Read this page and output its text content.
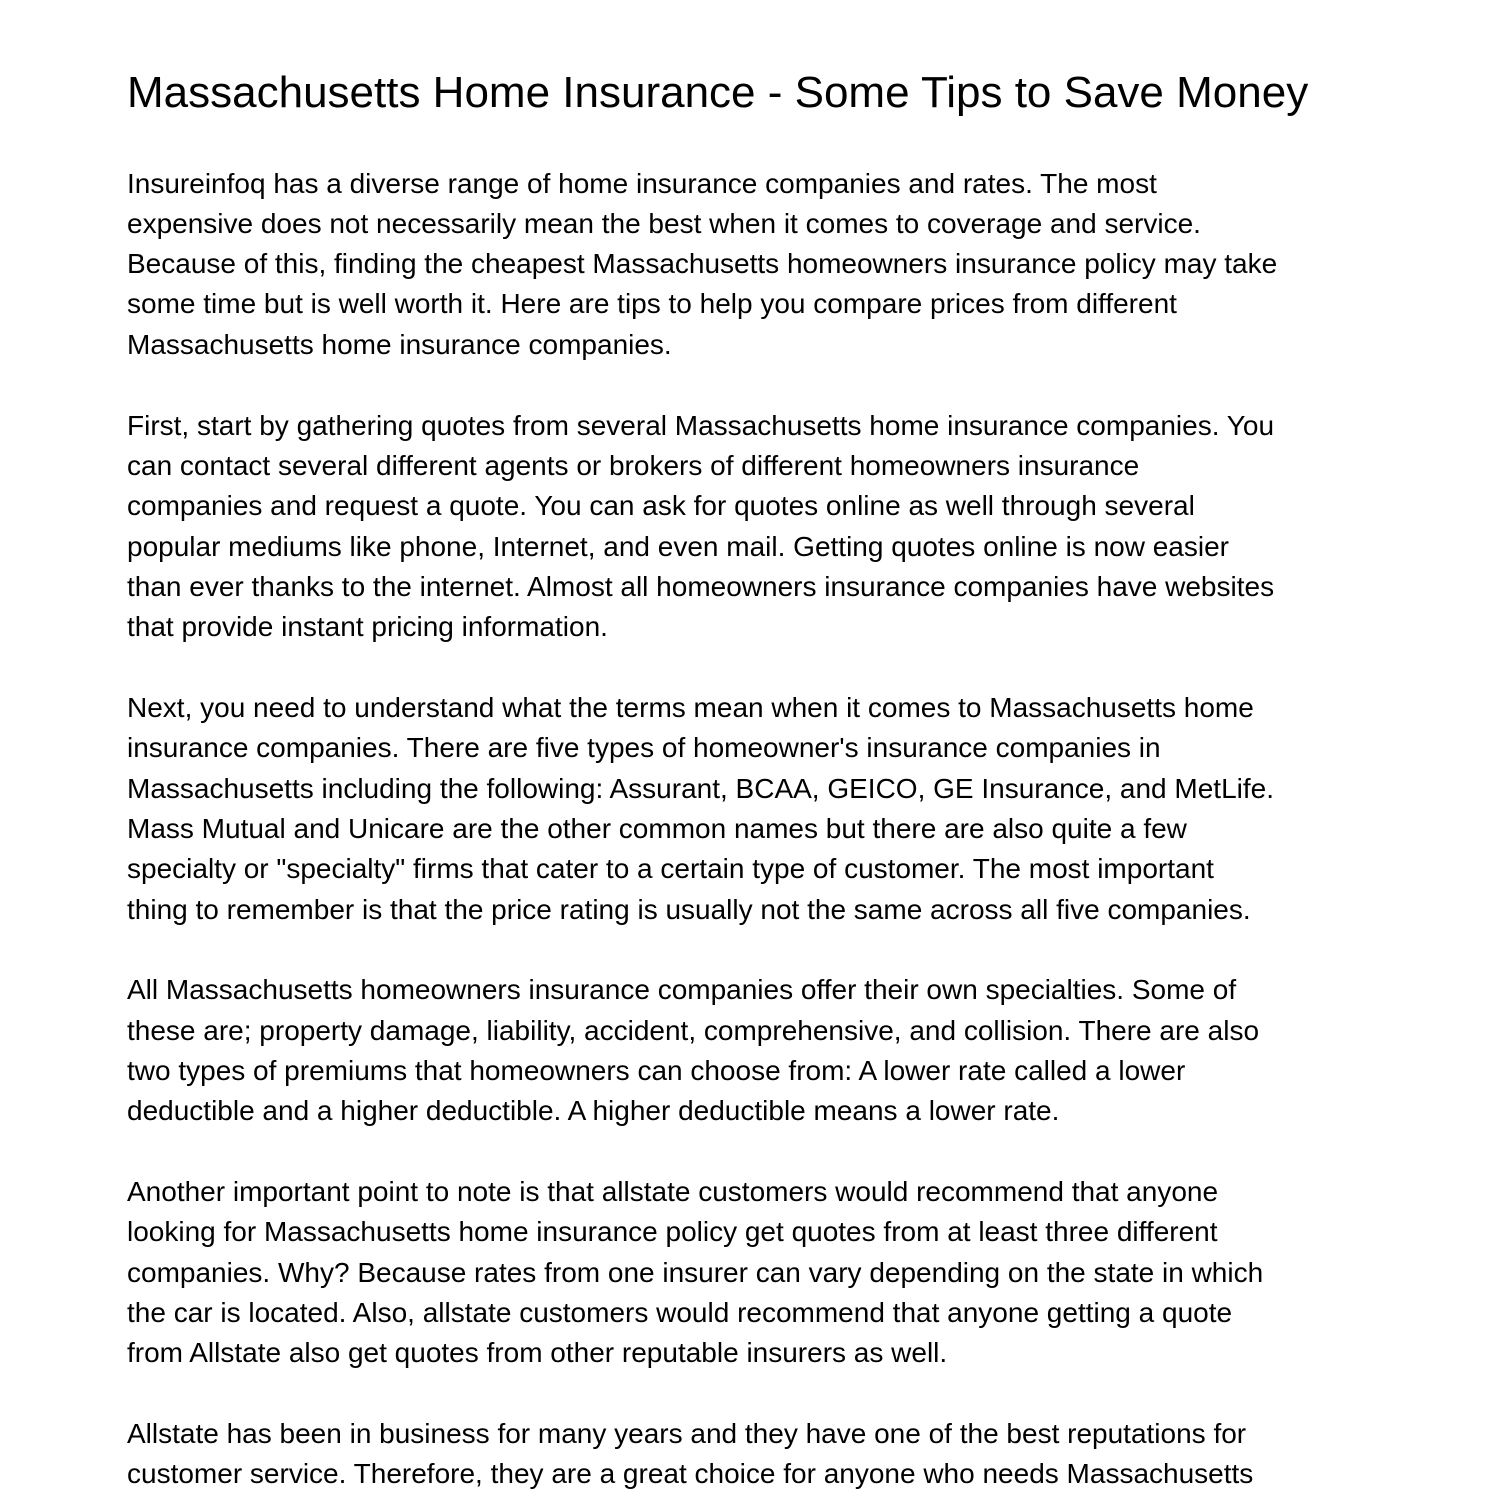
Massachusetts Home Insurance - Some Tips to Save Money
Insureinfoq has a diverse range of home insurance companies and rates. The most
expensive does not necessarily mean the best when it comes to coverage and service.
Because of this, finding the cheapest Massachusetts homeowners insurance policy may take
some time but is well worth it. Here are tips to help you compare prices from different
Massachusetts home insurance companies.
First, start by gathering quotes from several Massachusetts home insurance companies. You
can contact several different agents or brokers of different homeowners insurance
companies and request a quote. You can ask for quotes online as well through several
popular mediums like phone, Internet, and even mail. Getting quotes online is now easier
than ever thanks to the internet. Almost all homeowners insurance companies have websites
that provide instant pricing information.
Next, you need to understand what the terms mean when it comes to Massachusetts home
insurance companies. There are five types of homeowner's insurance companies in
Massachusetts including the following: Assurant, BCAA, GEICO, GE Insurance, and MetLife.
Mass Mutual and Unicare are the other common names but there are also quite a few
specialty or "specialty" firms that cater to a certain type of customer. The most important
thing to remember is that the price rating is usually not the same across all five companies.
All Massachusetts homeowners insurance companies offer their own specialties. Some of
these are; property damage, liability, accident, comprehensive, and collision. There are also
two types of premiums that homeowners can choose from: A lower rate called a lower
deductible and a higher deductible. A higher deductible means a lower rate.
Another important point to note is that allstate customers would recommend that anyone
looking for Massachusetts home insurance policy get quotes from at least three different
companies. Why? Because rates from one insurer can vary depending on the state in which
the car is located. Also, allstate customers would recommend that anyone getting a quote
from Allstate also get quotes from other reputable insurers as well.
Allstate has been in business for many years and they have one of the best reputations for
customer service. Therefore, they are a great choice for anyone who needs Massachusetts
